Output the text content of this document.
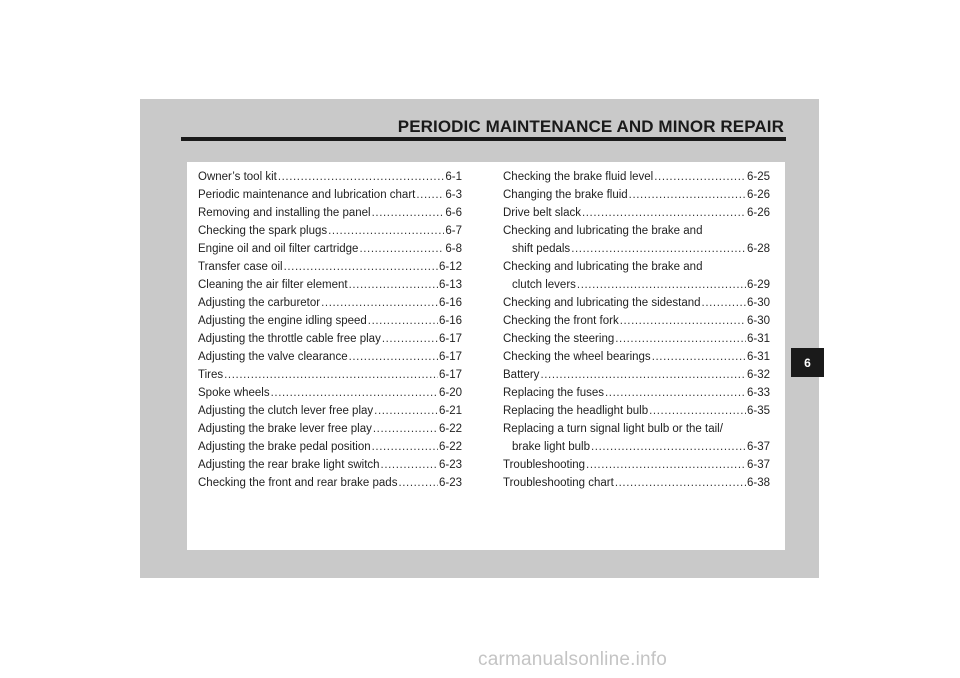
PERIODIC MAINTENANCE AND MINOR REPAIR
Owner’s tool kit .....	6-1
Periodic maintenance and lubrication chart .....	6-3
Removing and installing the panel .....	6-6
Checking the spark plugs .....	6-7
Engine oil and oil filter cartridge .....	6-8
Transfer case oil .....	6-12
Cleaning the air filter element .....	6-13
Adjusting the carburetor .....	6-16
Adjusting the engine idling speed .....	6-16
Adjusting the throttle cable free play .....	6-17
Adjusting the valve clearance .....	6-17
Tires .....	6-17
Spoke wheels .....	6-20
Adjusting the clutch lever free play .....	6-21
Adjusting the brake lever free play .....	6-22
Adjusting the brake pedal position .....	6-22
Adjusting the rear brake light switch .....	6-23
Checking the front and rear brake pads .....	6-23
Checking the brake fluid level .....	6-25
Changing the brake fluid .....	6-26
Drive belt slack .....	6-26
Checking and lubricating the brake and
shift pedals .....	6-28
Checking and lubricating the brake and
clutch levers .....	6-29
Checking and lubricating the sidestand .....	6-30
Checking the front fork .....	6-30
Checking the steering .....	6-31
Checking the wheel bearings .....	6-31
Battery .....	6-32
Replacing the fuses .....	6-33
Replacing the headlight bulb .....	6-35
Replacing a turn signal light bulb or the tail/
brake light bulb .....	6-37
Troubleshooting .....	6-37
Troubleshooting chart .....	6-38
6
carmanualsonline.info
